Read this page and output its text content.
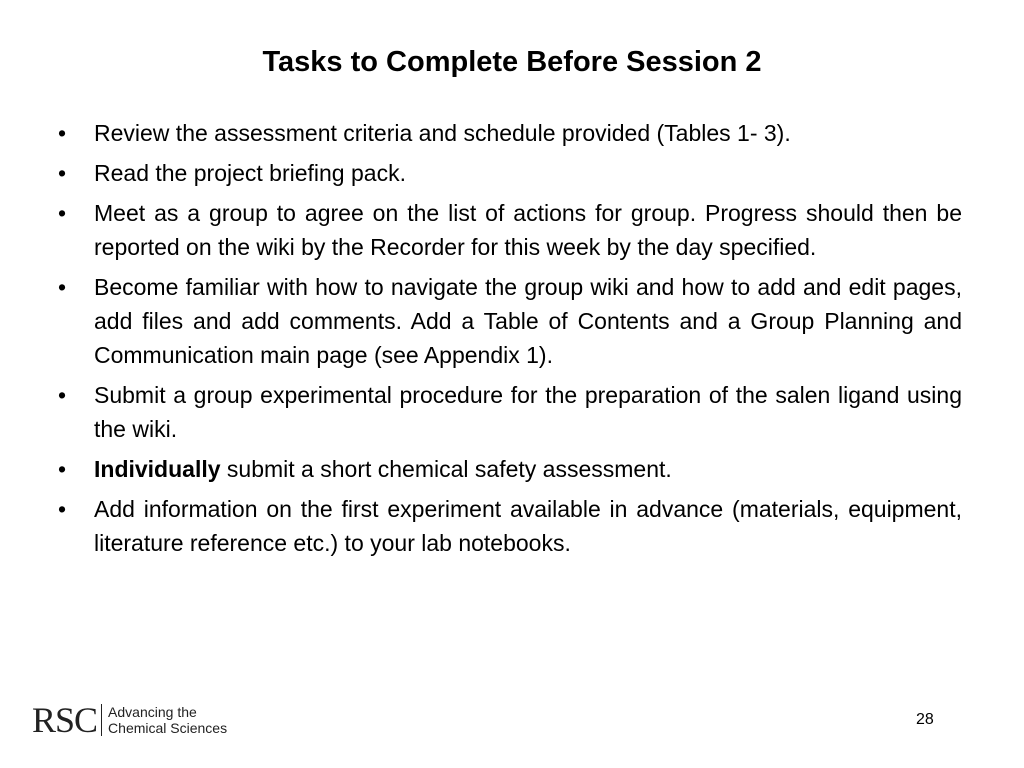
Tasks to Complete Before Session 2
• Review the assessment criteria and schedule provided (Tables 1- 3).
• Read the project briefing pack.
• Meet as a group to agree on the list of actions for group. Progress should then be reported on the wiki by the Recorder for this week by the day specified.
• Become familiar with how to navigate the group wiki and how to add and edit pages, add files and add comments. Add a Table of Contents and a Group Planning and Communication main page (see Appendix 1).
• Submit a group experimental procedure for the preparation of the salen ligand using the wiki.
• Individually submit a short chemical safety assessment.
• Add information on the first experiment available in advance (materials, equipment, literature reference etc.) to your lab notebooks.
RSC Advancing the
Chemical Sciences	28
